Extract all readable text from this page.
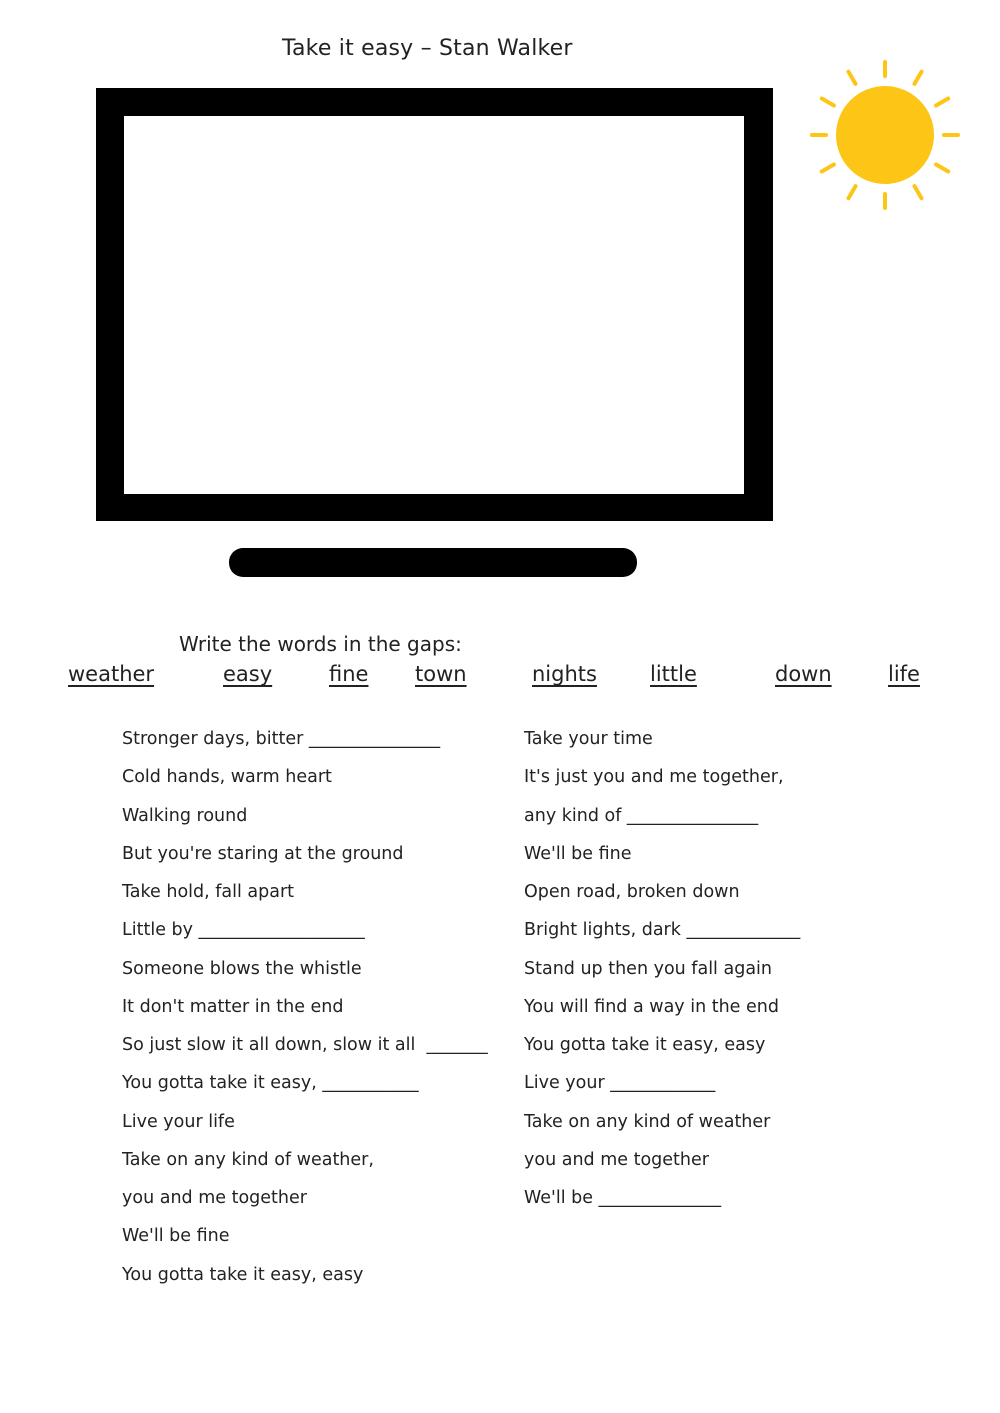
Take it easy – Stan Walker
Write the words in the gaps:
weather	easy	fine town	nights	little	down	life
Stronger days, bitter _______________
Cold hands, warm heart
Walking round
But you're staring at the ground
Take hold, fall apart
Little by ___________________
Someone blows the whistle
It don't matter in the end
So just slow it all down, slow it all  _______
You gotta take it easy, ___________
Live your life
Take on any kind of weather,
you and me together
We'll be fine
You gotta take it easy, easy
Take your time
It's just you and me together,
any kind of _______________
We'll be fine
Open road, broken down
Bright lights, dark _____________
Stand up then you fall again
You will find a way in the end
You gotta take it easy, easy
Live your ____________
Take on any kind of weather
you and me together
We'll be ______________
